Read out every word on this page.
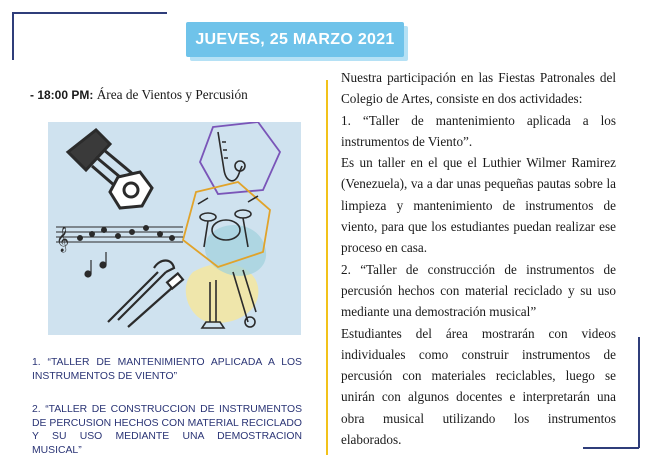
JUEVES, 25 MARZO 2021
- 18:00 PM: Área de Vientos y Percusión
𝄞
1. “TALLER DE MANTENIMIENTO APLICADA A LOS INSTRUMENTOS DE VIENTO”
2. “TALLER DE CONSTRUCCION DE INSTRUMENTOS DE PERCUSION HECHOS CON MATERIAL RECICLADO Y SU USO MEDIANTE UNA DEMOSTRACION MUSICAL”

Nuestra participación en las Fiestas Patronales del Colegio de Artes, consiste en dos actividades:

1. “Taller de mantenimiento aplicada a los instrumentos de Viento”.

Es un taller en el que el Luthier Wilmer Ramirez (Venezuela), va a dar unas pequeñas pautas sobre la limpieza y mantenimiento de instrumentos de viento, para que los estudiantes puedan realizar ese proceso en casa.

2. “Taller de construcción de instrumentos de percusión hechos con material reciclado y su uso mediante una demostración musical”

Estudiantes del área mostrarán con videos individuales como construir instrumentos de percusión con materiales reciclables, luego se unirán con algunos docentes e interpretarán una obra musical utilizando los instrumentos elaborados.
